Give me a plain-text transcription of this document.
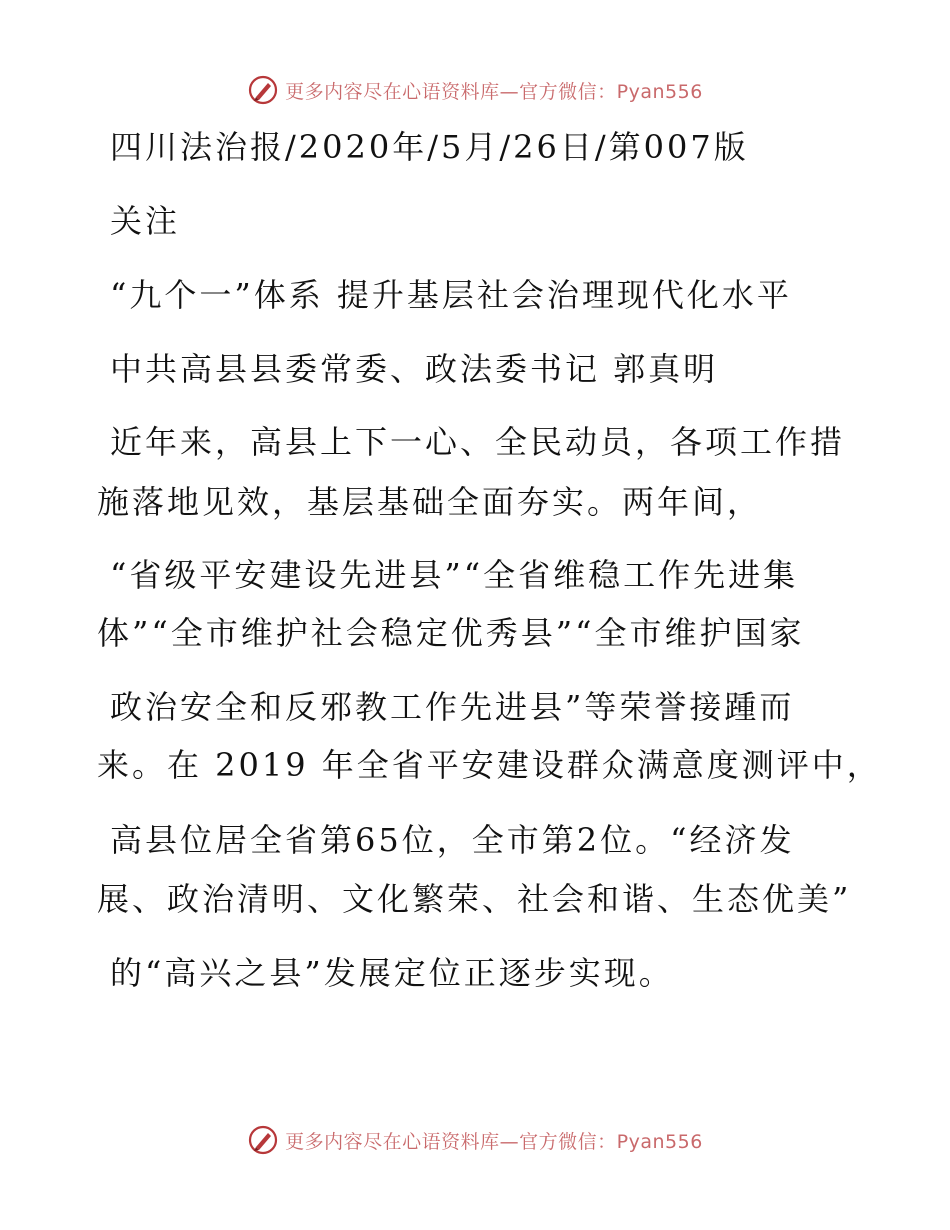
更多内容尽在心语资料库—官方微信：Pyan556
四川法治报/2020年/5月/26日/第007版
关注
“九个一”体系 提升基层社会治理现代化水平
中共高县县委常委、政法委书记 郭真明
近年来，高县上下一心、全民动员，各项工作措
施落地见效，基层基础全面夯实。两年间，
“省级平安建设先进县”“全省维稳工作先进集
体”“全市维护社会稳定优秀县”“全市维护国家
政治安全和反邪教工作先进县”等荣誉接踵而
来。在 2019 年全省平安建设群众满意度测评中，
高县位居全省第65位，全市第2位。“经济发
展、政治清明、文化繁荣、社会和谐、生态优美”
的“高兴之县”发展定位正逐步实现。
更多内容尽在心语资料库—官方微信：Pyan556
